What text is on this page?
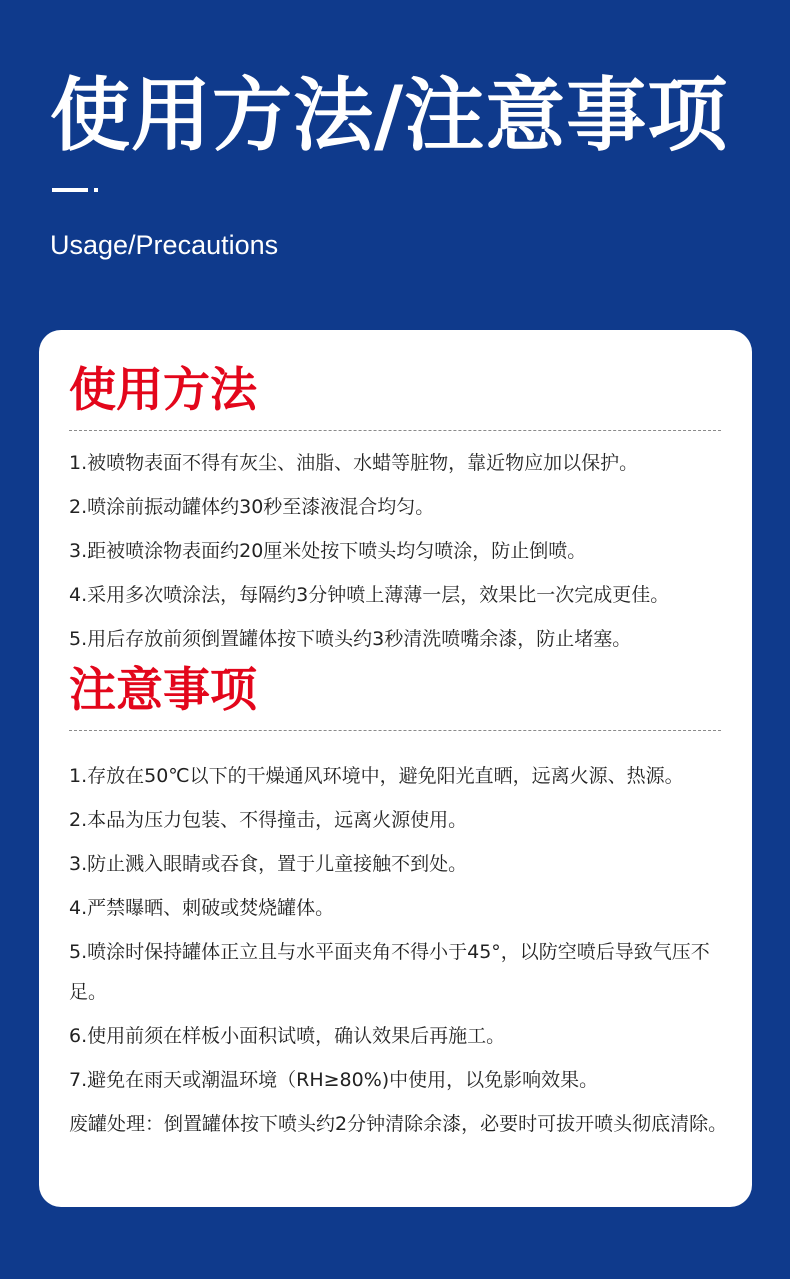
使用方法/注意事项

Usage/Precautions

使用方法
1.被喷物表面不得有灰尘、油脂、水蜡等脏物，靠近物应加以保护。
2.喷涂前振动罐体约30秒至漆液混合均匀。
3.距被喷涂物表面约20厘米处按下喷头均匀喷涂，防止倒喷。
4.采用多次喷涂法，每隔约3分钟喷上薄薄一层，效果比一次完成更佳。
5.用后存放前须倒置罐体按下喷头约3秒清洗喷嘴余漆，防止堵塞。
注意事项
1.存放在50℃以下的干燥通风环境中，避免阳光直晒，远离火源、热源。
2.本品为压力包装、不得撞击，远离火源使用。
3.防止溅入眼睛或吞食，置于儿童接触不到处。
4.严禁曝晒、刺破或焚烧罐体。
5.喷涂时保持罐体正立且与水平面夹角不得小于45°，以防空喷后导致气压不足。
6.使用前须在样板小面积试喷，确认效果后再施工。
7.避免在雨天或潮温环境（RH≥80%)中使用，以免影响效果。
废罐处理：倒置罐体按下喷头约2分钟清除余漆，必要时可拔开喷头彻底清除。
